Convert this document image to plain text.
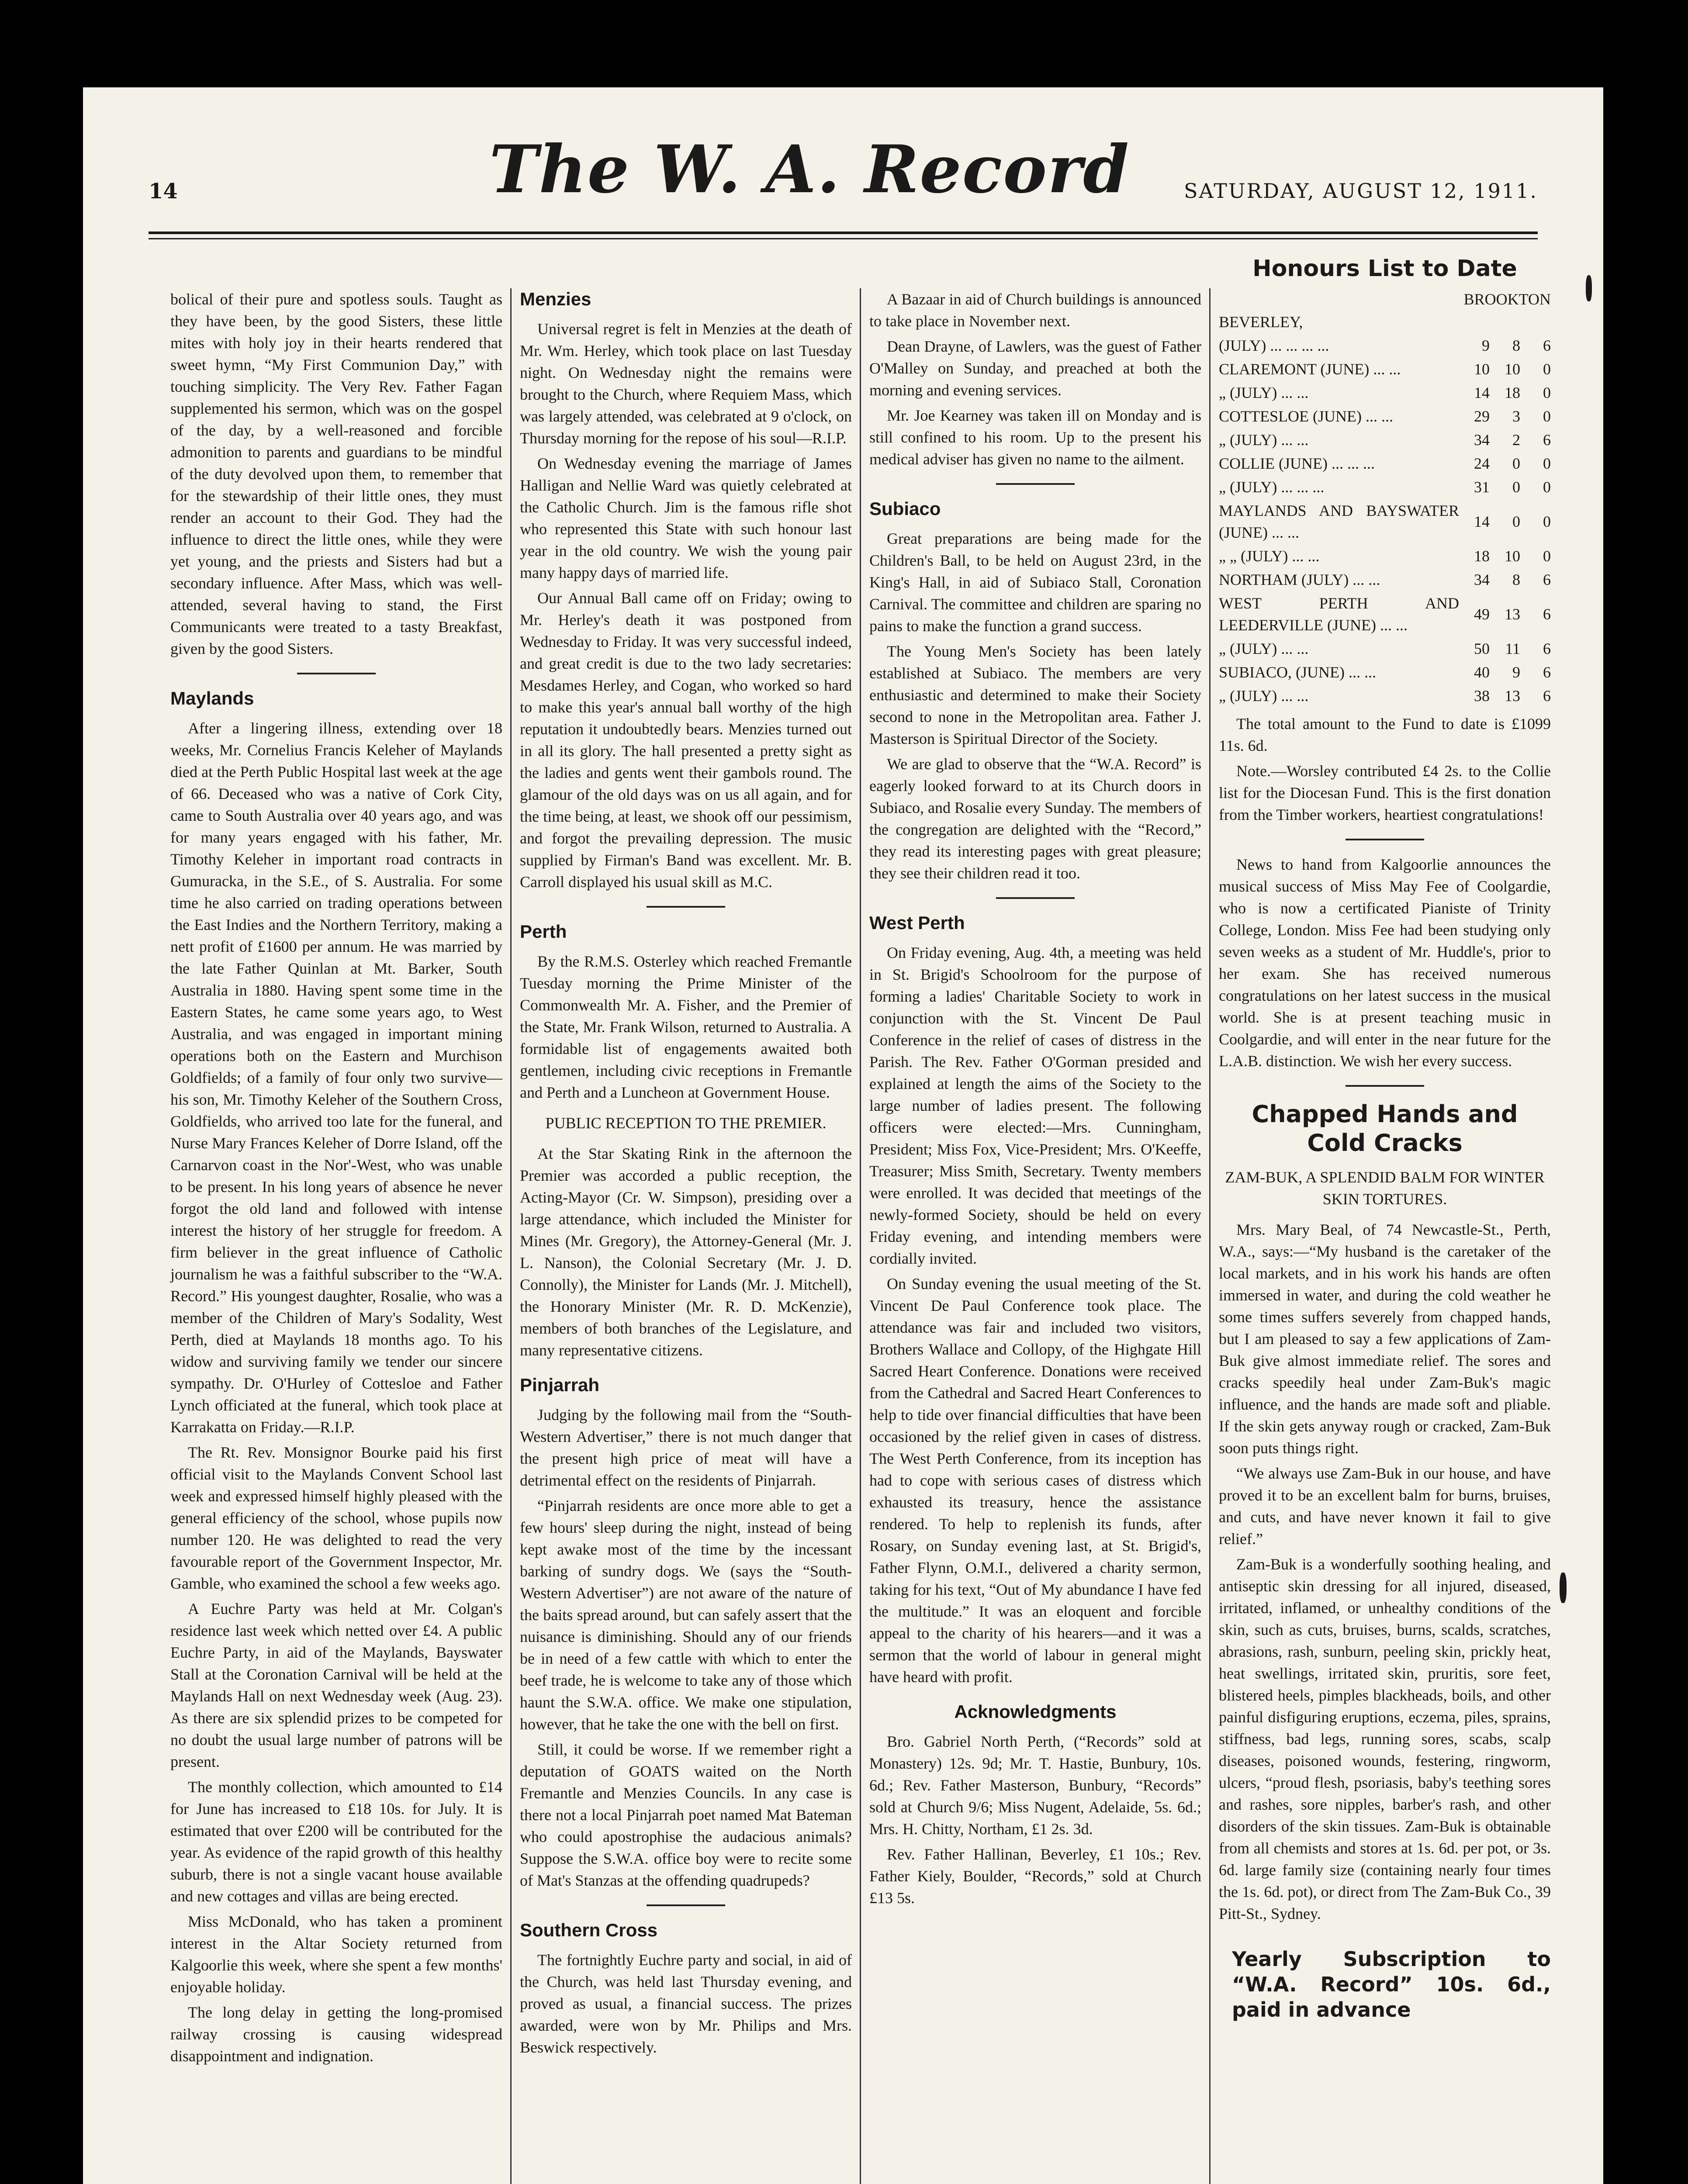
14	The W. A. Record	SATURDAY, AUGUST 12, 1911.

bolical of their pure and spotless souls. Taught as they have been, by the good Sisters, these little mites with holy joy in their hearts rendered that sweet hymn, “My First Communion Day,” with touching simplicity. The Very Rev. Father Fagan supplemented his sermon, which was on the gospel of the day, by a well-reasoned and forcible admonition to parents and guardians to be mindful of the duty devolved upon them, to remember that for the stewardship of their little ones, they must render an account to their God. They had the influence to direct the little ones, while they were yet young, and the priests and Sisters had but a secondary influence. After Mass, which was well-attended, several having to stand, the First Communicants were treated to a tasty Breakfast, given by the good Sisters.

Maylands

After a lingering illness, extending over 18 weeks, Mr. Cornelius Francis Keleher of Maylands died at the Perth Public Hospital last week at the age of 66. Deceased who was a native of Cork City, came to South Australia over 40 years ago, and was for many years engaged with his father, Mr. Timothy Keleher in important road contracts in Gumuracka, in the S.E., of S. Australia. For some time he also carried on trading operations between the East Indies and the Northern Territory, making a nett profit of £1600 per annum. He was married by the late Father Quinlan at Mt. Barker, South Australia in 1880. Having spent some time in the Eastern States, he came some years ago, to West Australia, and was engaged in important mining operations both on the Eastern and Murchison Goldfields; of a family of four only two survive—his son, Mr. Timothy Keleher of the Southern Cross, Goldfields, who arrived too late for the funeral, and Nurse Mary Frances Keleher of Dorre Island, off the Carnarvon coast in the Nor'-West, who was unable to be present. In his long years of absence he never forgot the old land and followed with intense interest the history of her struggle for freedom. A firm believer in the great influence of Catholic journalism he was a faithful subscriber to the “W.A. Record.” His youngest daughter, Rosalie, who was a member of the Children of Mary's Sodality, West Perth, died at Maylands 18 months ago. To his widow and surviving family we tender our sincere sympathy. Dr. O'Hurley of Cottesloe and Father Lynch officiated at the funeral, which took place at Karrakatta on Friday.—R.I.P.

The Rt. Rev. Monsignor Bourke paid his first official visit to the Maylands Convent School last week and expressed himself highly pleased with the general efficiency of the school, whose pupils now number 120. He was delighted to read the very favourable report of the Government Inspector, Mr. Gamble, who examined the school a few weeks ago.

A Euchre Party was held at Mr. Colgan's residence last week which netted over £4. A public Euchre Party, in aid of the Maylands, Bayswater Stall at the Coronation Carnival will be held at the Maylands Hall on next Wednesday week (Aug. 23). As there are six splendid prizes to be competed for no doubt the usual large number of patrons will be present.

The monthly collection, which amounted to £14 for June has increased to £18 10s. for July. It is estimated that over £200 will be contributed for the year. As evidence of the rapid growth of this healthy suburb, there is not a single vacant house available and new cottages and villas are being erected.

Miss McDonald, who has taken a prominent interest in the Altar Society returned from Kalgoorlie this week, where she spent a few months' enjoyable holiday.

The long delay in getting the long-promised railway crossing is causing widespread disappointment and indignation.

Menzies

Universal regret is felt in Menzies at the death of Mr. Wm. Herley, which took place on last Tuesday night. On Wednesday night the remains were brought to the Church, where Requiem Mass, which was largely attended, was celebrated at 9 o'clock, on Thursday morning for the repose of his soul—R.I.P.

On Wednesday evening the marriage of James Halligan and Nellie Ward was quietly celebrated at the Catholic Church. Jim is the famous rifle shot who represented this State with such honour last year in the old country. We wish the young pair many happy days of married life.

Our Annual Ball came off on Friday; owing to Mr. Herley's death it was postponed from Wednesday to Friday. It was very successful indeed, and great credit is due to the two lady secretaries: Mesdames Herley, and Cogan, who worked so hard to make this year's annual ball worthy of the high reputation it undoubtedly bears. Menzies turned out in all its glory. The hall presented a pretty sight as the ladies and gents went their gambols round. The glamour of the old days was on us all again, and for the time being, at least, we shook off our pessimism, and forgot the prevailing depression. The music supplied by Firman's Band was excellent. Mr. B. Carroll displayed his usual skill as M.C.

Perth

By the R.M.S. Osterley which reached Fremantle Tuesday morning the Prime Minister of the Commonwealth Mr. A. Fisher, and the Premier of the State, Mr. Frank Wilson, returned to Australia. A formidable list of engagements awaited both gentlemen, including civic receptions in Fremantle and Perth and a Luncheon at Government House.

PUBLIC RECEPTION TO THE PREMIER.

At the Star Skating Rink in the afternoon the Premier was accorded a public reception, the Acting-Mayor (Cr. W. Simpson), presiding over a large attendance, which included the Minister for Mines (Mr. Gregory), the Attorney-General (Mr. J. L. Nanson), the Colonial Secretary (Mr. J. D. Connolly), the Minister for Lands (Mr. J. Mitchell), the Honorary Minister (Mr. R. D. McKenzie), members of both branches of the Legislature, and many representative citizens.

Pinjarrah

Judging by the following mail from the “South-Western Advertiser,” there is not much danger that the present high price of meat will have a detrimental effect on the residents of Pinjarrah.

“Pinjarrah residents are once more able to get a few hours' sleep during the night, instead of being kept awake most of the time by the incessant barking of sundry dogs. We (says the “South-Western Advertiser”) are not aware of the nature of the baits spread around, but can safely assert that the nuisance is diminishing. Should any of our friends be in need of a few cattle with which to enter the beef trade, he is welcome to take any of those which haunt the S.W.A. office. We make one stipulation, however, that he take the one with the bell on first.

Still, it could be worse. If we remember right a deputation of GOATS waited on the North Fremantle and Menzies Councils. In any case is there not a local Pinjarrah poet named Mat Bateman who could apostrophise the audacious animals? Suppose the S.W.A. office boy were to recite some of Mat's Stanzas at the offending quadrupeds?

Southern Cross

The fortnightly Euchre party and social, in aid of the Church, was held last Thursday evening, and proved as usual, a financial success. The prizes awarded, were won by Mr. Philips and Mrs. Beswick respectively.

A Bazaar in aid of Church buildings is announced to take place in November next.

Dean Drayne, of Lawlers, was the guest of Father O'Malley on Sunday, and preached at both the morning and evening services.

Mr. Joe Kearney was taken ill on Monday and is still confined to his room. Up to the present his medical adviser has given no name to the ailment.

Subiaco

Great preparations are being made for the Children's Ball, to be held on August 23rd, in the King's Hall, in aid of Subiaco Stall, Coronation Carnival. The committee and children are sparing no pains to make the function a grand success.

The Young Men's Society has been lately established at Subiaco. The members are very enthusiastic and determined to make their Society second to none in the Metropolitan area. Father J. Masterson is Spiritual Director of the Society.

We are glad to observe that the “W.A. Record” is eagerly looked forward to at its Church doors in Subiaco, and Rosalie every Sunday. The members of the congregation are delighted with the “Record,” they read its interesting pages with great pleasure; they see their children read it too.

West Perth

On Friday evening, Aug. 4th, a meeting was held in St. Brigid's Schoolroom for the purpose of forming a ladies' Charitable Society to work in conjunction with the St. Vincent De Paul Conference in the relief of cases of distress in the Parish. The Rev. Father O'Gorman presided and explained at length the aims of the Society to the large number of ladies present. The following officers were elected:—Mrs. Cunningham, President; Miss Fox, Vice-President; Mrs. O'Keeffe, Treasurer; Miss Smith, Secretary. Twenty members were enrolled. It was decided that meetings of the newly-formed Society, should be held on every Friday evening, and intending members were cordially invited.

On Sunday evening the usual meeting of the St. Vincent De Paul Conference took place. The attendance was fair and included two visitors, Brothers Wallace and Collopy, of the Highgate Hill Sacred Heart Conference. Donations were received from the Cathedral and Sacred Heart Conferences to help to tide over financial difficulties that have been occasioned by the relief given in cases of distress. The West Perth Conference, from its inception has had to cope with serious cases of distress which exhausted its treasury, hence the assistance rendered. To help to replenish its funds, after Rosary, on Sunday evening last, at St. Brigid's, Father Flynn, O.M.I., delivered a charity sermon, taking for his text, “Out of My abundance I have fed the multitude.” It was an eloquent and forcible appeal to the charity of his hearers—and it was a sermon that the world of labour in general might have heard with profit.

Acknowledgments

Bro. Gabriel North Perth, (“Records” sold at Monastery) 12s. 9d; Mr. T. Hastie, Bunbury, 10s. 6d.; Rev. Father Masterson, Bunbury, “Records” sold at Church 9/6; Miss Nugent, Adelaide, 5s. 6d.; Mrs. H. Chitty, Northam, £1 2s. 3d.

Rev. Father Hallinan, Beverley, £1 10s.; Rev. Father Kiely, Boulder, “Records,” sold at Church £13 5s.

Honours List to Date
BROOKTON
BEVERLEY,			
(JULY) ... ... ... ...	9	8	6
CLAREMONT (JUNE) ... ...	10	10	0
„ (JULY) ... ...	14	18	0
COTTESLOE (JUNE) ... ...	29	3	0
„ (JULY) ... ...	34	2	6
COLLIE (JUNE) ... ... ...	24	0	0
„ (JULY) ... ... ...	31	0	0
MAYLANDS AND BAYSWATER (JUNE) ... ...	14	0	0
„ „ (JULY) ... ...	18	10	0
NORTHAM (JULY) ... ...	34	8	6
WEST PERTH AND LEEDERVILLE (JUNE) ... ...	49	13	6
„ (JULY) ... ...	50	11	6
SUBIACO, (JUNE) ... ...	40	9	6
„ (JULY) ... ...	38	13	6

The total amount to the Fund to date is £1099 11s. 6d.

Note.—Worsley contributed £4 2s. to the Collie list for the Diocesan Fund. This is the first donation from the Timber workers, heartiest congratulations!

News to hand from Kalgoorlie announces the musical success of Miss May Fee of Coolgardie, who is now a certificated Pianiste of Trinity College, London. Miss Fee had been studying only seven weeks as a student of Mr. Huddle's, prior to her exam. She has received numerous congratulations on her latest success in the musical world. She is at present teaching music in Coolgardie, and will enter in the near future for the L.A.B. distinction. We wish her every success.

Chapped Hands and Cold Cracks
ZAM-BUK, A SPLENDID BALM FOR WINTER SKIN TORTURES.

Mrs. Mary Beal, of 74 Newcastle-St., Perth, W.A., says:—“My husband is the caretaker of the local markets, and in his work his hands are often immersed in water, and during the cold weather he some times suffers severely from chapped hands, but I am pleased to say a few applications of Zam-Buk give almost immediate relief. The sores and cracks speedily heal under Zam-Buk's magic influence, and the hands are made soft and pliable. If the skin gets anyway rough or cracked, Zam-Buk soon puts things right.

“We always use Zam-Buk in our house, and have proved it to be an excellent balm for burns, bruises, and cuts, and have never known it fail to give relief.”

Zam-Buk is a wonderfully soothing healing, and antiseptic skin dressing for all injured, diseased, irritated, inflamed, or unhealthy conditions of the skin, such as cuts, bruises, burns, scalds, scratches, abrasions, rash, sunburn, peeling skin, prickly heat, heat swellings, irritated skin, pruritis, sore feet, blistered heels, pimples blackheads, boils, and other painful disfiguring eruptions, eczema, piles, sprains, stiffness, bad legs, running sores, scabs, scalp diseases, poisoned wounds, festering, ringworm, ulcers, “proud flesh, psoriasis, baby's teething sores and rashes, sore nipples, barber's rash, and other disorders of the skin tissues. Zam-Buk is obtainable from all chemists and stores at 1s. 6d. per pot, or 3s. 6d. large family size (containing nearly four times the 1s. 6d. pot), or direct from The Zam-Buk Co., 39 Pitt-St., Sydney.

Yearly Subscription to “W.A. Record” 10s. 6d., paid in advance
